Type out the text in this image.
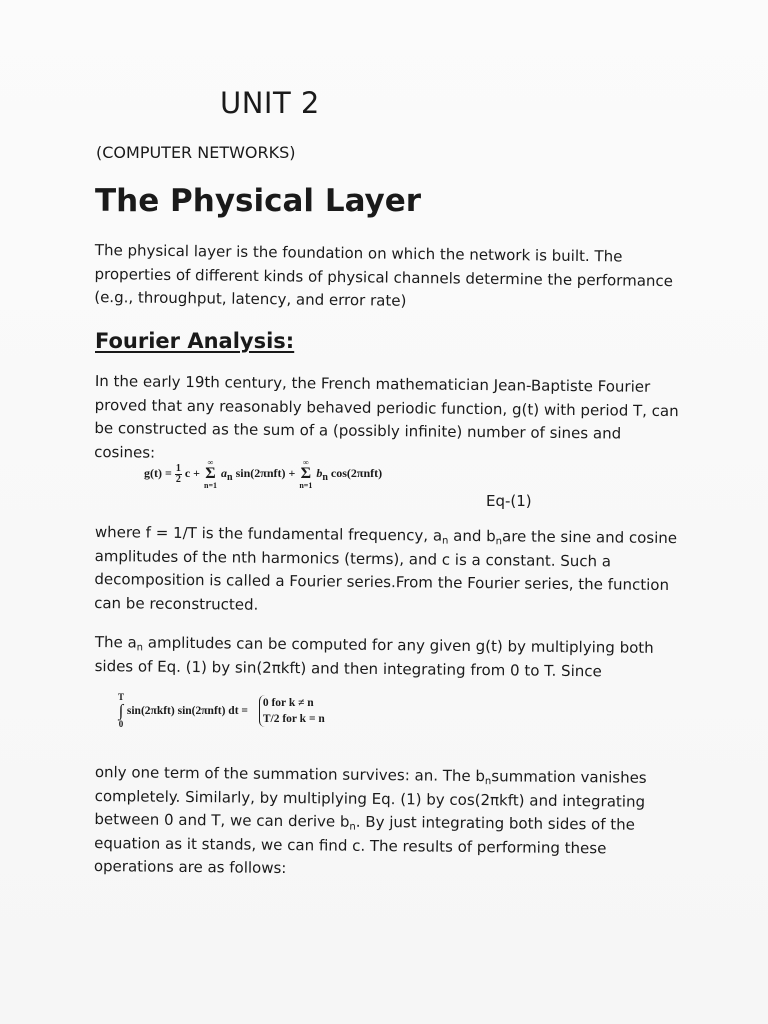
UNIT 2

(COMPUTER NETWORKS)

The Physical Layer

The physical layer is the foundation on which the network is built. The properties of different kinds of physical channels determine the performance (e.g., throughput, latency, and error rate)

Fourier Analysis:

In the early 19th century, the French mathematician Jean-Baptiste Fourier proved that any reasonably behaved periodic function, g(t) with period T, can be constructed as the sum of a (possibly infinite) number of sines and cosines:

$g(t) = \frac{1}{2}$ c +
∞
Σ
n=1
$a_n$ sin(2πnft) +
∞
Σ
n=1
$b_n$ cos(2πnft)
Eq-(1)

where f = 1/T is the fundamental frequency, $a_n$ and $b_nare$ the sine and cosine amplitudes of the nth harmonics (terms), and c is a constant. Such a decomposition is called a Fourier series.From the Fourier series, the function can be reconstructed.

The $a_n$ amplitudes can be computed for any given g(t) by multiplying both sides of Eq. (1) by sin(2πkft) and then integrating from 0 to T. Since

T
∫
0
sin(2πkft) sin(2πnft) dt =
0 for k ≠ n
T/2 for k = n

only one term of the summation survives: an. The $b_nsummation$ vanishes completely. Similarly, by multiplying Eq. (1) by cos(2πkft) and integrating between 0 and T, we can derive $b_n$. By just integrating both sides of the equation as it stands, we can find c. The results of performing these operations are as follows:
